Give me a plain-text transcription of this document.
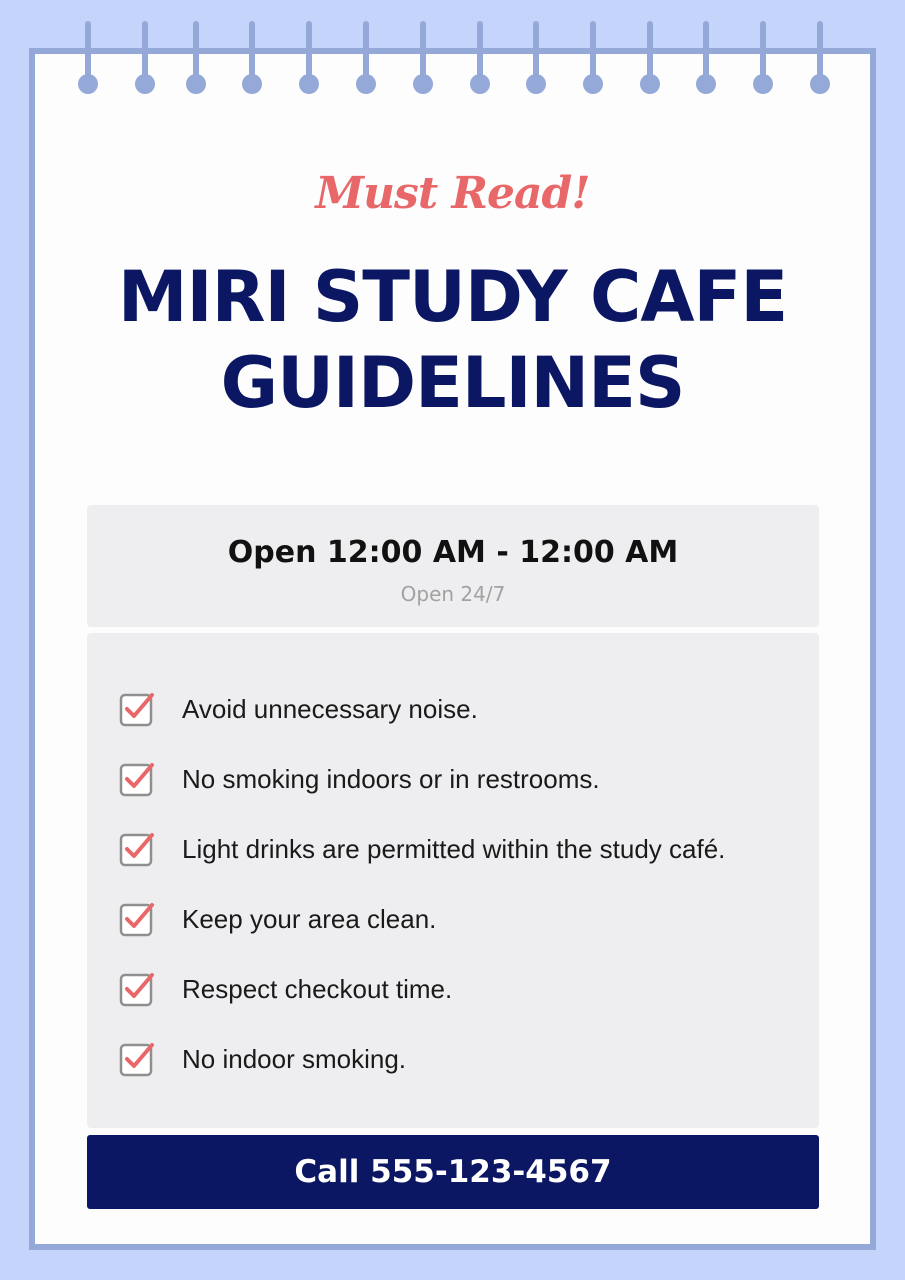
Must Read!
MIRI STUDY CAFE
GUIDELINES
Open 12:00 AM - 12:00 AM
Open 24/7
Avoid unnecessary noise.
No smoking indoors or in restrooms.
Light drinks are permitted within the study café.
Keep your area clean.
Respect checkout time.
No indoor smoking.
Call 555-123-4567
